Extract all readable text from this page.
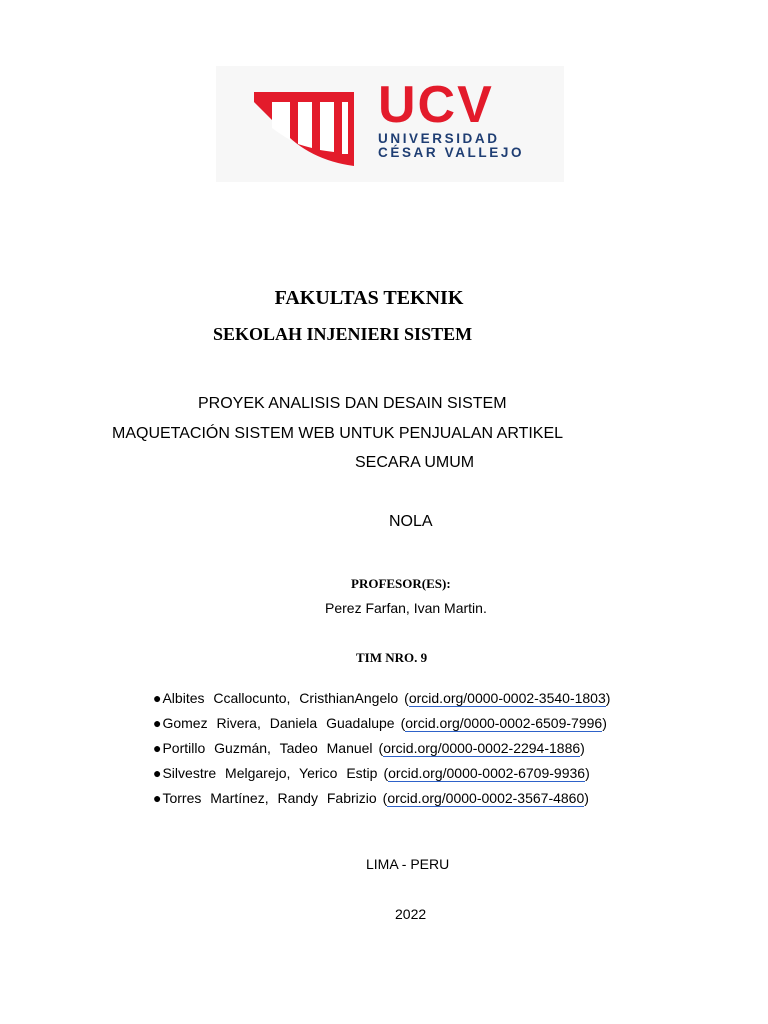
UCV
UNIVERSIDAD
CÉSAR VALLEJO
FAKULTAS TEKNIK
SEKOLAH INJENIERI SISTEM
PROYEK ANALISIS DAN DESAIN SISTEM
MAQUETACIÓN SISTEM WEB UNTUK PENJUALAN ARTIKEL
SECARA UMUM
NOLA
PROFESOR(ES):
Perez Farfan, Ivan Martin.
TIM NRO. 9
●Albites Ccallocunto, CristhianAngelo (orcid.org/0000-0002-3540-1803)
●Gomez Rivera, Daniela Guadalupe (orcid.org/0000-0002-6509-7996)
●Portillo Guzmán, Tadeo Manuel (orcid.org/0000-0002-2294-1886)
●Silvestre Melgarejo, Yerico Estip (orcid.org/0000-0002-6709-9936)
●Torres Martínez, Randy Fabrizio (orcid.org/0000-0002-3567-4860)
LIMA - PERU
2022
